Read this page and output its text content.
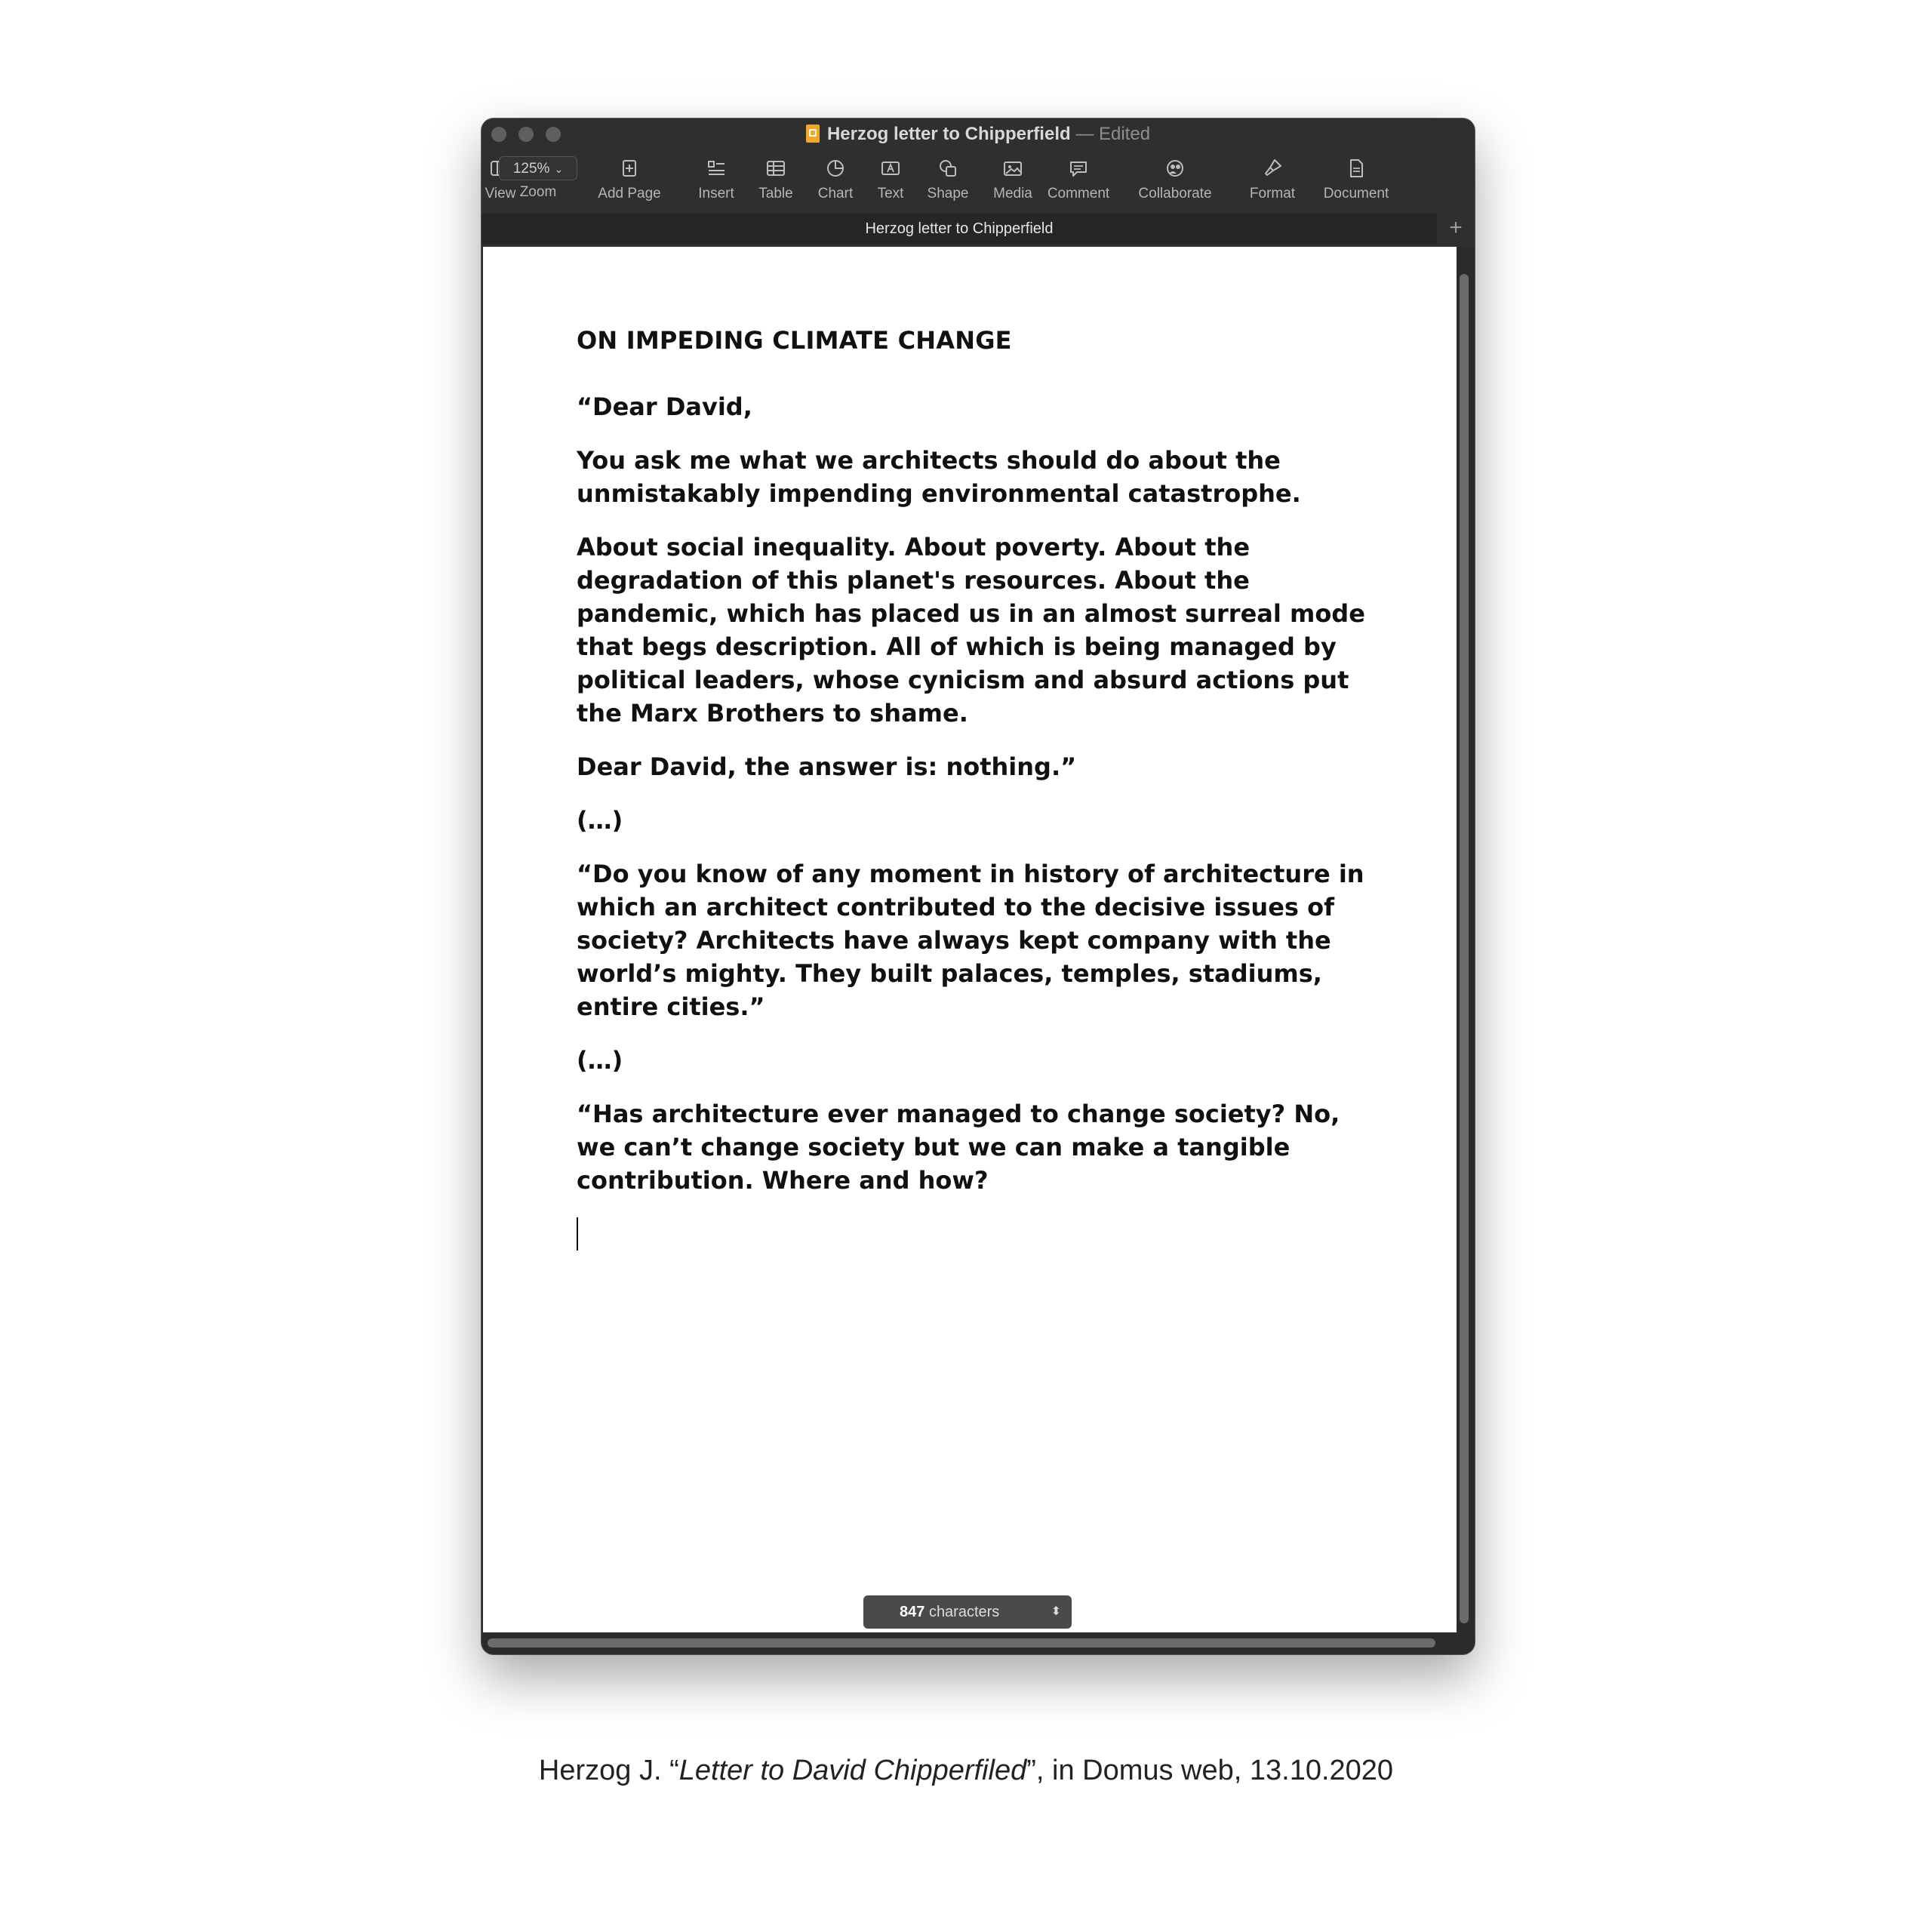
Herzog letter to Chipperfield — Edited
View
125% ⌄
Zoom	Add Page	Insert	Table	Chart	Text	Shape	Media	Comment	Collaborate	Format	Document
Herzog letter to Chipperfield	+
ON IMPEDING CLIMATE CHANGE

“Dear David,

You ask me what we architects should do about the unmistakably impending environmental catastrophe.

About social inequality. About poverty. About the degradation of this planet's resources. About the pandemic, which has placed us in an almost surreal mode that begs description. All of which is being managed by political leaders, whose cynicism and absurd actions put the Marx Brothers to shame.

Dear David, the answer is: nothing.”

(…)

“Do you know of any moment in history of architecture in which an architect contributed to the decisive issues of society? Architects have always kept company with the world’s mighty. They built palaces, temples, stadiums, entire cities.”

(…)

“Has architecture ever managed to change society? No, we can’t change society but we can make a tangible contribution. Where and how?

847 characters	⬍
Herzog J. “Letter to David Chipperfiled”, in Domus web, 13.10.2020
